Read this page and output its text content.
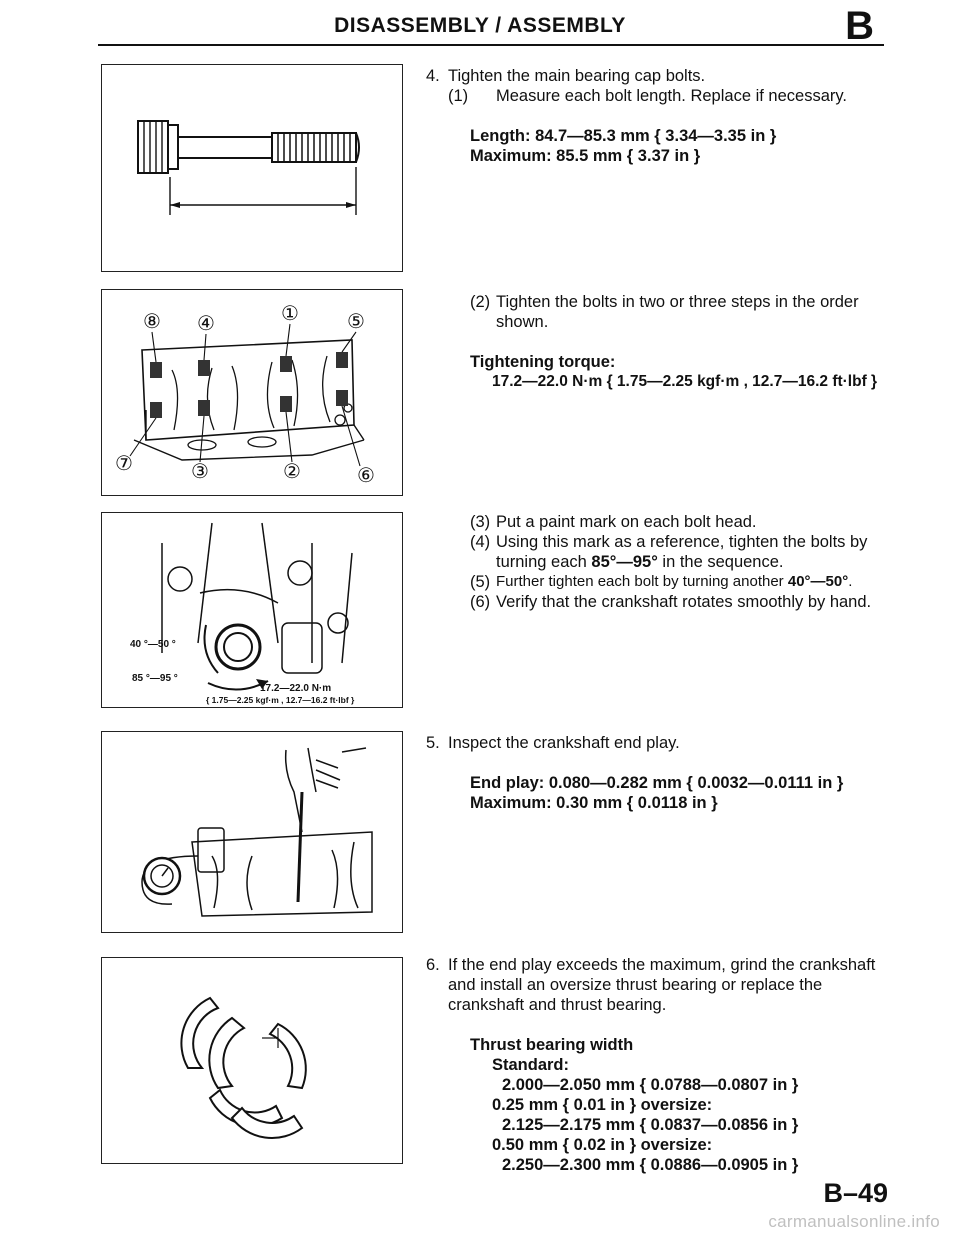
DISASSEMBLY / ASSEMBLY	B
⑧ ④	① ⑤
⑦	③	②	⑥
40 °—50 °
85 °—95 °
17.2—22.0 N·m
{ 1.75—2.25 kgf·m , 12.7—16.2 ft·lbf }
4. Tighten the main bearing cap bolts.
(1) Measure each bolt length. Replace if necessary.
Length: 84.7—85.3 mm { 3.34—3.35 in }
Maximum: 85.5 mm { 3.37 in }
(2) Tighten the bolts in two or three steps in the order shown.
Tightening torque:
17.2—22.0 N·m { 1.75—2.25 kgf·m , 12.7—16.2 ft·lbf }
(3) Put a paint mark on each bolt head.
(4) Using this mark as a reference, tighten the bolts by turning each 85°—95° in the sequence.
(5) Further tighten each bolt by turning another 40°—50°.
(6) Verify that the crankshaft rotates smoothly by hand.
5. Inspect the crankshaft end play.
End play: 0.080—0.282 mm { 0.0032—0.0111 in }
Maximum: 0.30 mm { 0.0118 in }
6. If the end play exceeds the maximum, grind the crankshaft and install an oversize thrust bearing or replace the crankshaft and thrust bearing.
Thrust bearing width
Standard:
2.000—2.050 mm { 0.0788—0.0807 in }
0.25 mm { 0.01 in } oversize:
2.125—2.175 mm { 0.0837—0.0856 in }
0.50 mm { 0.02 in } oversize:
2.250—2.300 mm { 0.0886—0.0905 in }
B–49
carmanualsonline.info
